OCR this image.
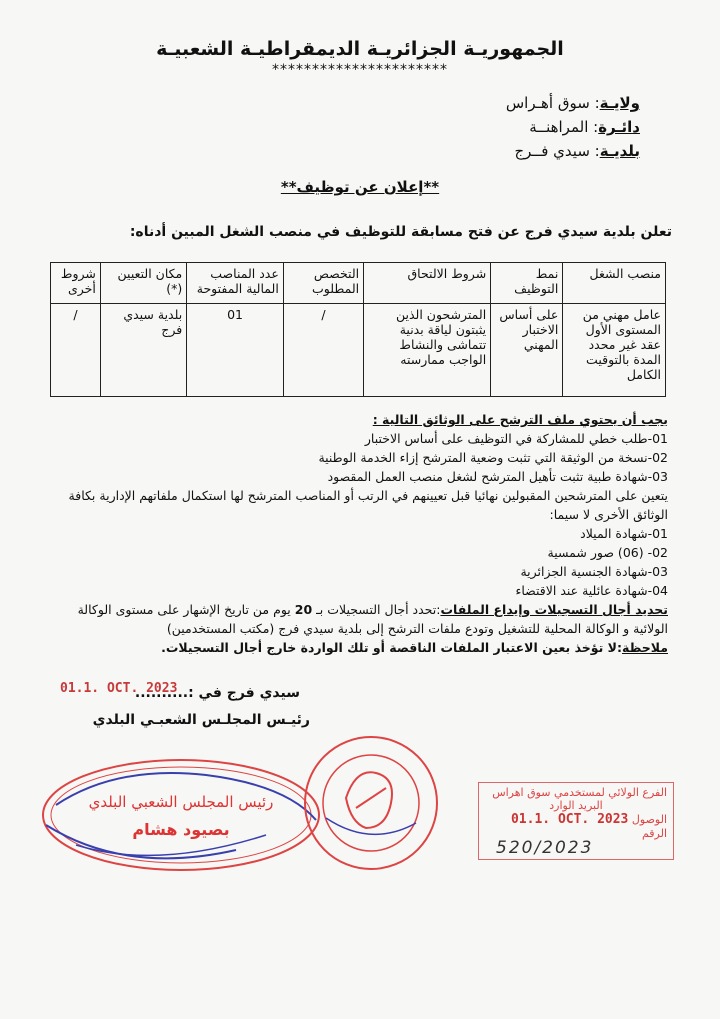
الجمهوريـة الجزائريـة الديمقراطيـة الشعبيـة
**********************
ولايـة: سوق أهـراس
دائـرة: المراهنــة
بلديـة: سيدي فــرج
**إعلان عن توظيف**
تعلن بلدية سيدي فرج عن فتح مسابقة للتوظيف في منصب الشغل المبين أدناه:
منصب الشغل	نمط التوظيف	شروط الالتحاق	التخصص المطلوب	عدد المناصب المالية المفتوحة	مكان التعيين (*)	شروط أخرى
عامل مهني من المستوى الأول عقد غير محدد المدة بالتوقيت الكامل	على أساس الاختبار المهني	المترشحون الذين يثبتون لياقة بدنية تتماشى والنشاط الواجب ممارسته	/	01	بلدية سيدي فرج	/
يجب أن يحتوي ملف الترشح على الوثائق التالية :
01-طلب خطي للمشاركة في التوظيف على أساس الاختبار
02-نسخة من الوثيقة التي تثبت وضعية المترشح إزاء الخدمة الوطنية
03-شهادة طبية تثبت تأهيل المترشح لشغل منصب العمل المقصود
يتعين على المترشحين المقبولين نهائيا قبل تعيينهم في الرتب أو المناصب المترشح لها استكمال ملفاتهم الإدارية بكافة
الوثائق الأخرى لا سيما:
01-شهادة الميلاد
02- (06) صور شمسية
03-شهادة الجنسية الجزائرية
04-شهادة عائلية عند الاقتضاء
تحديد أجال التسجيلات وإيداع الملفات:تحدد أجال التسجيلات بـ 20 يوم من تاريخ الإشهار على مستوى الوكالة
الولائية و الوكالة المحلية للتشغيل وتودع ملفات الترشح إلى بلدية سيدي فرج (مكتب المستخدمين)
ملاحظة:لا تؤخذ بعين الاعتبار الملفات الناقصة أو تلك الواردة خارج أجال التسجيلات.
سيدي فرج في :..........
01.1. OCT. 2023
رئيـس المجلـس الشعبـي البلدي
رئيس المجلس الشعبي البلدي
بصيود هشام
الفرع الولائي لمستخدمي سوق اهراس
البريد الوارد
الوصول 01.1. OCT. 2023
الرقم
520/2023
